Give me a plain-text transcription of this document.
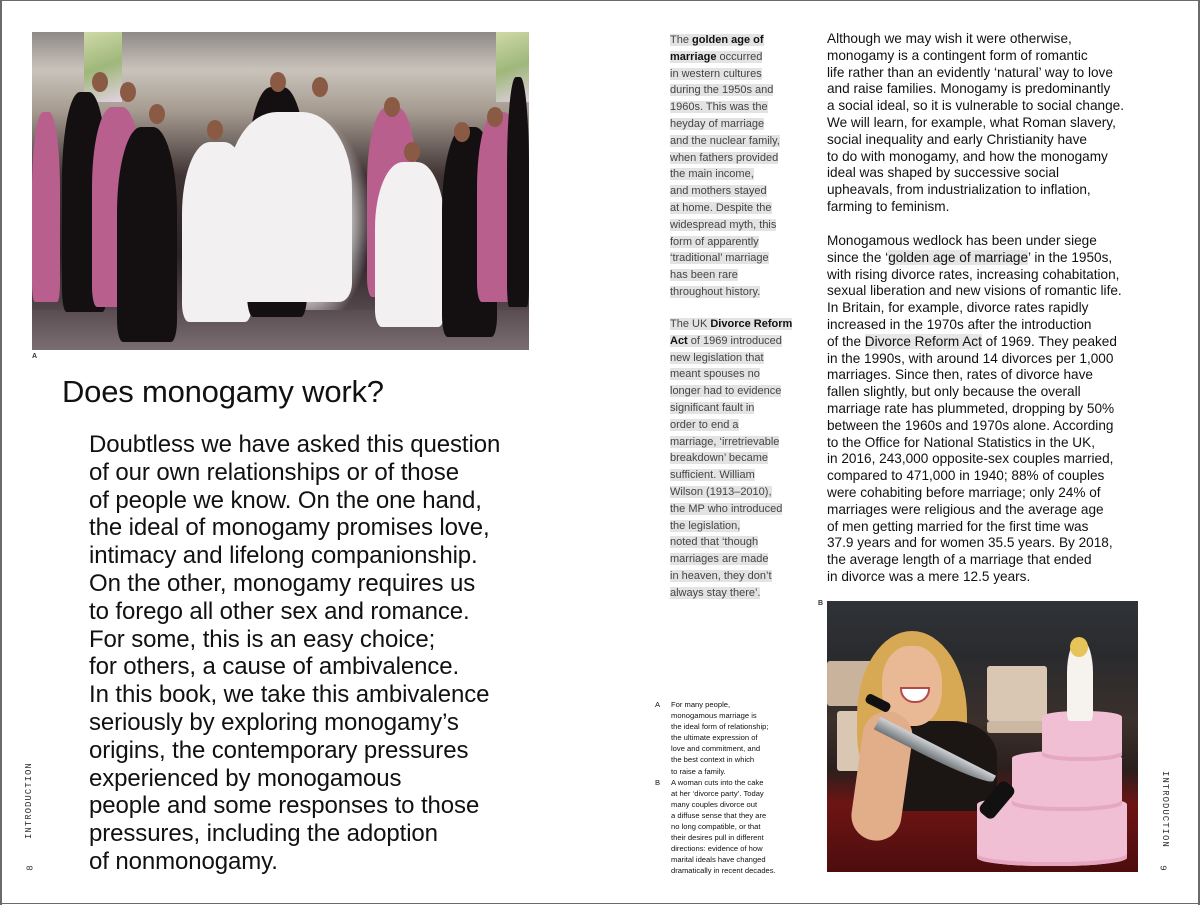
A
Does monogamy work?

Doubtless we have asked this question
of our own relationships or of those
of people we know. On the one hand,
the ideal of monogamy promises love,
intimacy and lifelong companionship.
On the other, monogamy requires us
to forego all other sex and romance.
For some, this is an easy choice;
for others, a cause of ambivalence.
In this book, we take this ambivalence
seriously by exploring monogamy’s
origins, the contemporary pressures
experienced by monogamous
people and some responses to those
pressures, including the adoption
of nonmonogamy.

INTRODUCTION
8
The golden age of
marriage occurred
in western cultures
during the 1950s and
1960s. This was the
heyday of marriage
and the nuclear family,
when fathers provided
the main income,
and mothers stayed
at home. Despite the
widespread myth, this
form of apparently
‘traditional’ marriage
has been rare
throughout history.
The UK Divorce Reform
Act of 1969 introduced
new legislation that
meant spouses no
longer had to evidence
significant fault in
order to end a
marriage, ‘irretrievable
breakdown’ became
sufficient. William
Wilson (1913–2010),
the MP who introduced
the legislation,
noted that ‘though
marriages are made
in heaven, they don’t
always stay there’.

Although we may wish it were otherwise,
monogamy is a contingent form of romantic
life rather than an evidently ‘natural’ way to love
and raise families. Monogamy is predominantly
a social ideal, so it is vulnerable to social change.
We will learn, for example, what Roman slavery,
social inequality and early Christianity have
to do with monogamy, and how the monogamy
ideal was shaped by successive social
upheavals, from industrialization to inflation,
farming to feminism.

Monogamous wedlock has been under siege
since the ‘golden age of marriage’ in the 1950s,
with rising divorce rates, increasing cohabitation,
sexual liberation and new visions of romantic life.
In Britain, for example, divorce rates rapidly
increased in the 1970s after the introduction
of the Divorce Reform Act of 1969. They peaked
in the 1990s, with around 14 divorces per 1,000
marriages. Since then, rates of divorce have
fallen slightly, but only because the overall
marriage rate has plummeted, dropping by 50%
between the 1960s and 1970s alone. According
to the Office for National Statistics in the UK,
in 2016, 243,000 opposite-sex couples married,
compared to 471,000 in 1940; 88% of couples
were cohabiting before marriage; only 24% of
marriages were religious and the average age
of men getting married for the first time was
37.9 years and for women 35.5 years. By 2018,
the average length of a marriage that ended
in divorce was a mere 12.5 years.

A For many people,
monogamous marriage is
the ideal form of relationship;
the ultimate expression of
love and commitment, and
the best context in which
to raise a family.
B A woman cuts into the cake
at her ‘divorce party’. Today
many couples divorce out
a diffuse sense that they are
no long compatible, or that
their desires pull in different
directions: evidence of how
marital ideals have changed
dramatically in recent decades.
B
INTRODUCTION
9
